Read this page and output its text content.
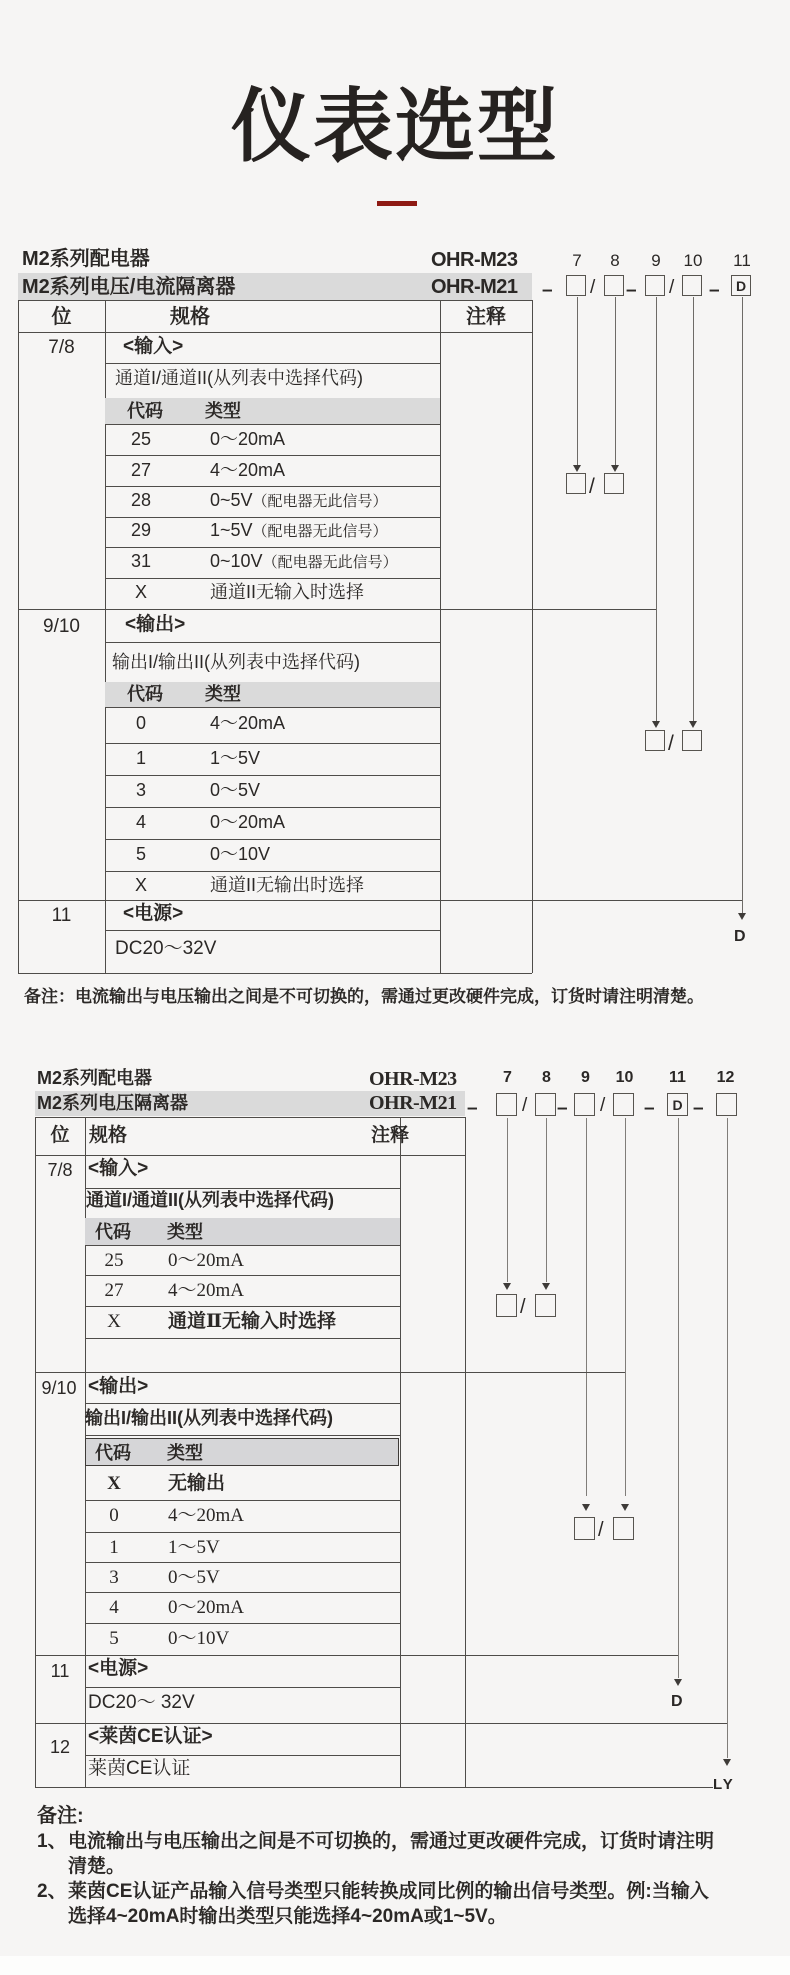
仪表选型
M2系列配电器	OHR-M23
M2系列电压/电流隔离器	OHR-M21
7	8	9	10	11
– / – / – D
/
/
D
位	规格	注释
7/8	<输入>
通道I/通道II(从列表中选择代码)
代码 类型
25	0～20mA
27	4～20mA
28	0~5V（配电器无此信号）
29	1~5V（配电器无此信号）
31	0~10V（配电器无此信号）
X	通道II无输入时选择
9/10	<输出>
输出I/输出II(从列表中选择代码)
代码 类型
0	4～20mA
1	1～5V
3	0～5V
4	0～20mA
5	0～10V
X	通道II无输出时选择
11	<电源>
DC20～32V
备注：电流输出与电压输出之间是不可切换的，需通过更改硬件完成，订货时请注明清楚。
M2系列配电器	OHR-M23
M2系列电压隔离器	OHR-M21
7	8	9	10	11	12
– / – / – D –
/
/
D
LY
位	规格	注释
7/8 <输入>
通道I/通道II(从列表中选择代码)
代码 类型
25	0～20mA
27	4～20mA
X	通道Ⅱ无输入时选择
9/10 <输出>
输出I/输出II(从列表中选择代码)
代码 类型
X	无输出
0	4～20mA
1	1～5V
3	0～5V
4	0～20mA
5	0～10V
11 <电源>
DC20～ 32V
12 <莱茵CE认证>
莱茵CE认证
备注:
1、 电流输出与电压输出之间是不可切换的，需通过更改硬件完成，订货时请注明
清楚。
2、 莱茵CE认证产品输入信号类型只能转换成同比例的输出信号类型。例:当输入
选择4~20mA时输出类型只能选择4~20mA或1~5V。
